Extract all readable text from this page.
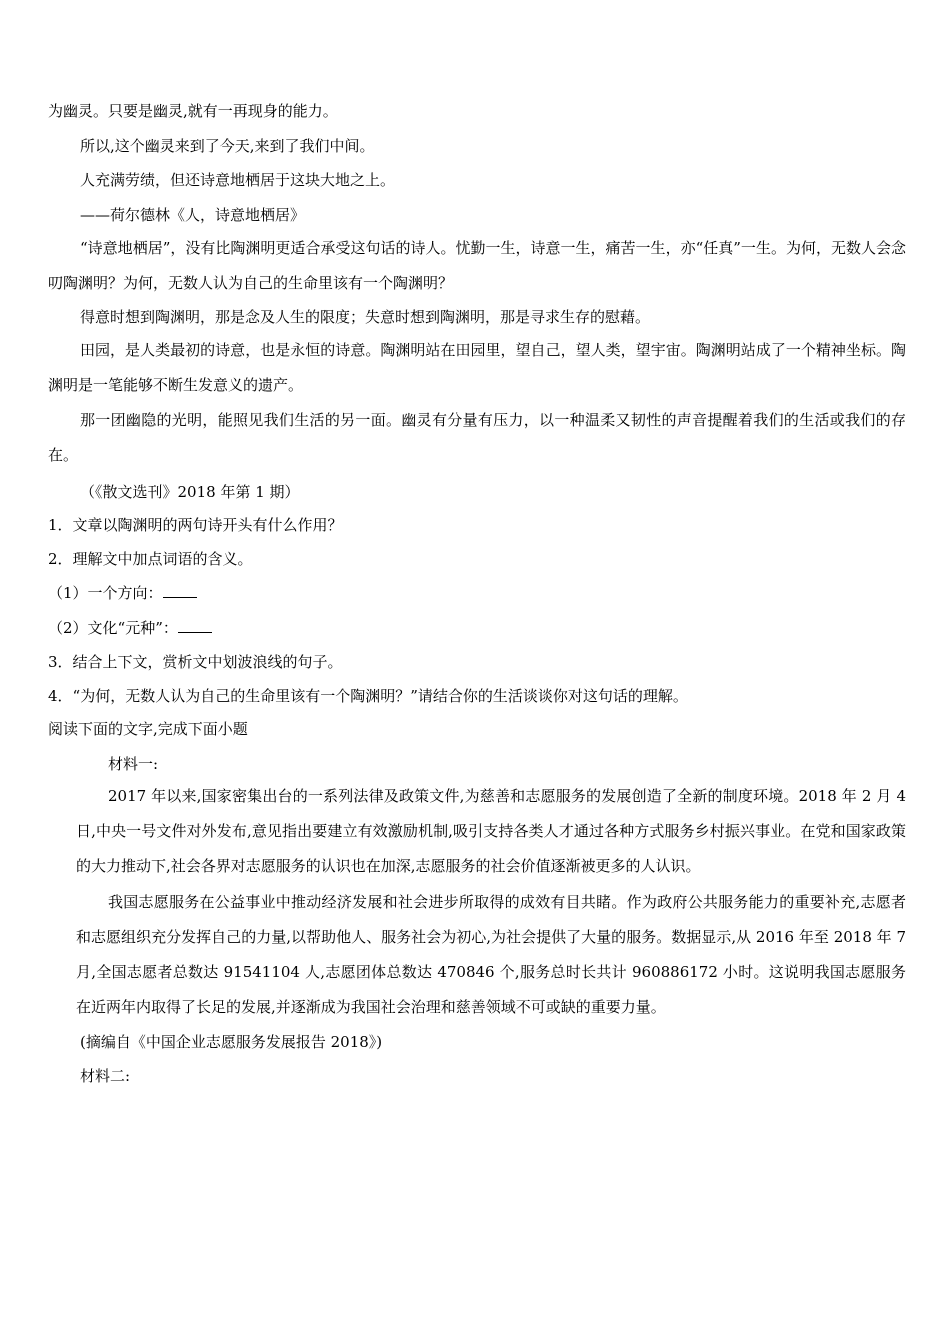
为幽灵。只要是幽灵,就有一再现身的能力。
所以,这个幽灵来到了今天,来到了我们中间。
人充满劳绩，但还诗意地栖居于这块大地之上。
——荷尔德林《人，诗意地栖居》
“诗意地栖居”，没有比陶渊明更适合承受这句话的诗人。忧勤一生，诗意一生，痛苦一生，亦“任真”一生。为何，无数人会念叨陶渊明？为何，无数人认为自己的生命里该有一个陶渊明？
得意时想到陶渊明，那是念及人生的限度；失意时想到陶渊明，那是寻求生存的慰藉。
田园，是人类最初的诗意，也是永恒的诗意。陶渊明站在田园里，望自己，望人类，望宇宙。陶渊明站成了一个精神坐标。陶渊明是一笔能够不断生发意义的遗产。
那一团幽隐的光明，能照见我们生活的另一面。幽灵有分量有压力，以一种温柔又韧性的声音提醒着我们的生活或我们的存在。
（《散文选刊》2018 年第 1 期）
1．文章以陶渊明的两句诗开头有什么作用？
2．理解文中加点词语的含义。
（1）一个方向：
（2）文化“元种”：
3．结合上下文，赏析文中划波浪线的句子。
4．“为何，无数人认为自己的生命里该有一个陶渊明？”请结合你的生活谈谈你对这句话的理解。
阅读下面的文字,完成下面小题
材料一:
2017 年以来,国家密集出台的一系列法律及政策文件,为慈善和志愿服务的发展创造了全新的制度环境。2018 年 2 月 4 日,中央一号文件对外发布,意见指出要建立有效激励机制,吸引支持各类人才通过各种方式服务乡村振兴事业。在党和国家政策的大力推动下,社会各界对志愿服务的认识也在加深,志愿服务的社会价值逐渐被更多的人认识。
我国志愿服务在公益事业中推动经济发展和社会进步所取得的成效有目共睹。作为政府公共服务能力的重要补充,志愿者和志愿组织充分发挥自己的力量,以帮助他人、服务社会为初心,为社会提供了大量的服务。数据显示,从 2016 年至 2018 年 7 月,全国志愿者总数达 91541104 人,志愿团体总数达 470846 个,服务总时长共计 960886172 小时。这说明我国志愿服务在近两年内取得了长足的发展,并逐渐成为我国社会治理和慈善领域不可或缺的重要力量。
(摘编自《中国企业志愿服务发展报告 2018》)
材料二:
